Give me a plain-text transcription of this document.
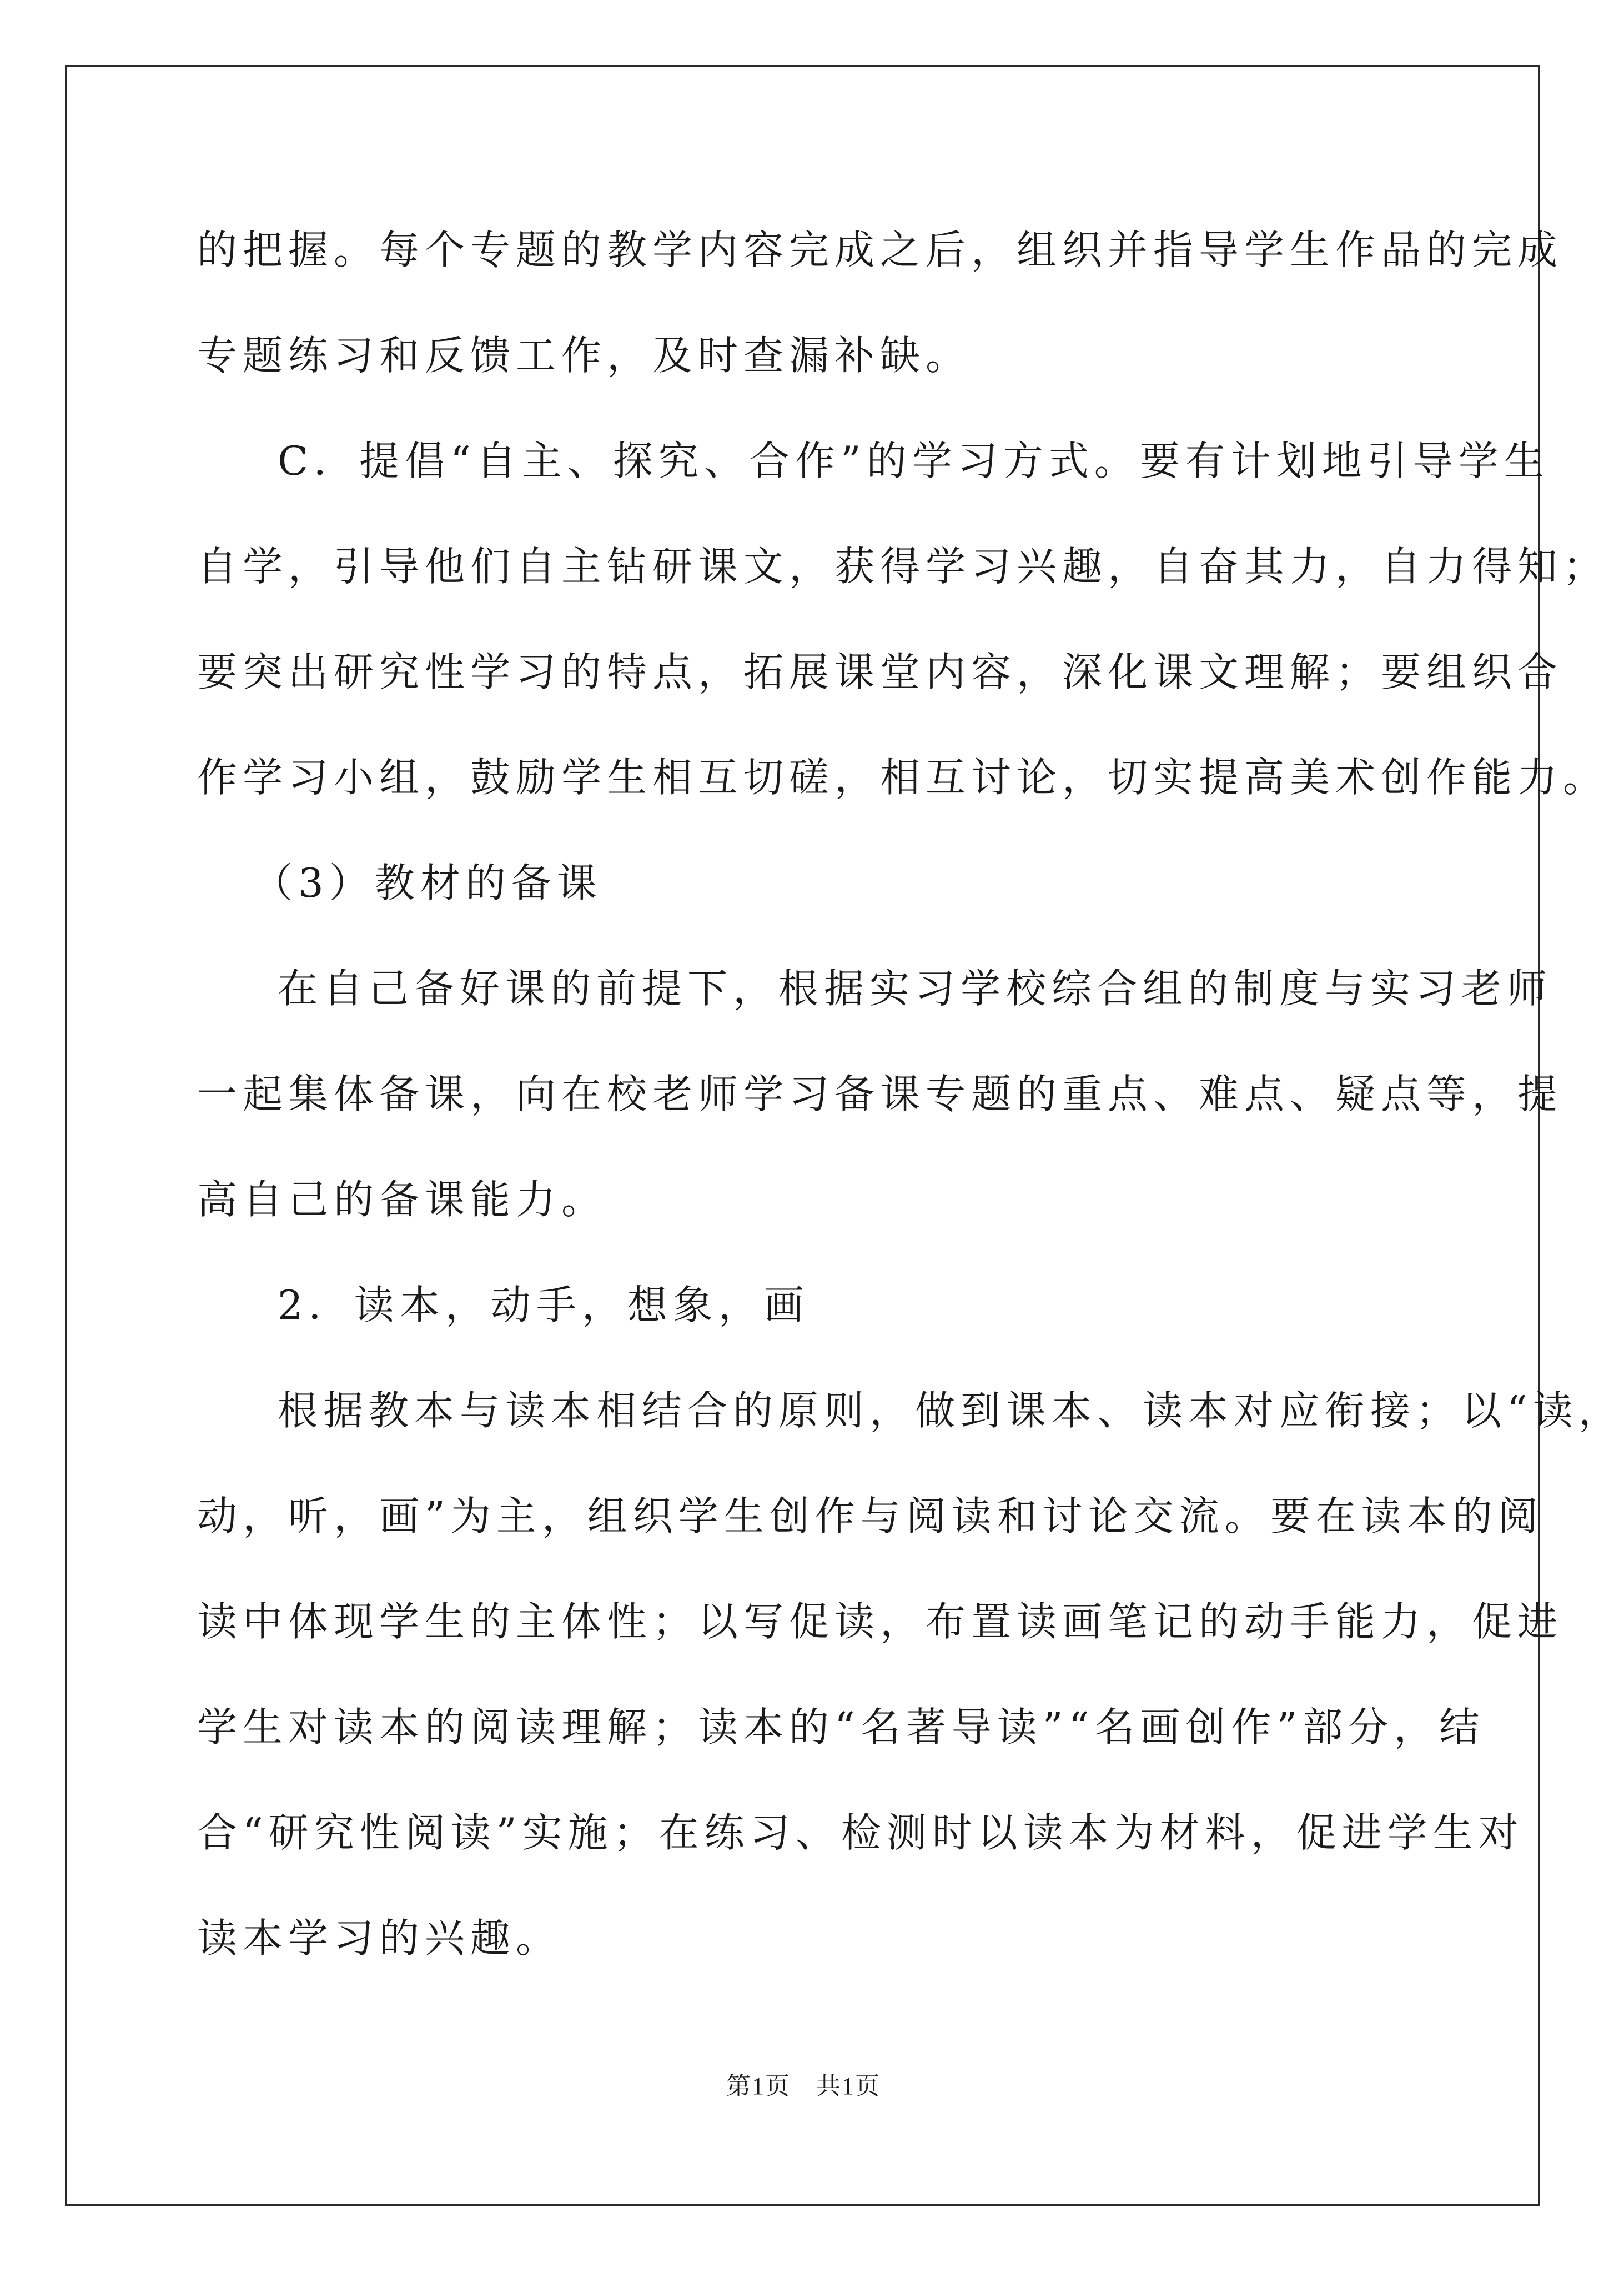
的把握。每个专题的教学内容完成之后，组织并指导学生作品的完成
专题练习和反馈工作，及时查漏补缺。
C．提倡“自主、探究、合作”的学习方式。要有计划地引导学生
自学，引导他们自主钻研课文，获得学习兴趣，自奋其力，自力得知；
要突出研究性学习的特点，拓展课堂内容，深化课文理解；要组织合
作学习小组，鼓励学生相互切磋，相互讨论，切实提高美术创作能力。
（3）教材的备课
在自己备好课的前提下，根据实习学校综合组的制度与实习老师
一起集体备课，向在校老师学习备课专题的重点、难点、疑点等，提
高自己的备课能力。
2．读本，动手，想象，画
根据教本与读本相结合的原则，做到课本、读本对应衔接；以“读，
动，听，画”为主，组织学生创作与阅读和讨论交流。要在读本的阅
读中体现学生的主体性；以写促读，布置读画笔记的动手能力，促进
学生对读本的阅读理解；读本的“名著导读”“名画创作”部分，结
合“研究性阅读”实施；在练习、检测时以读本为材料，促进学生对
读本学习的兴趣。
第1页　共1页
